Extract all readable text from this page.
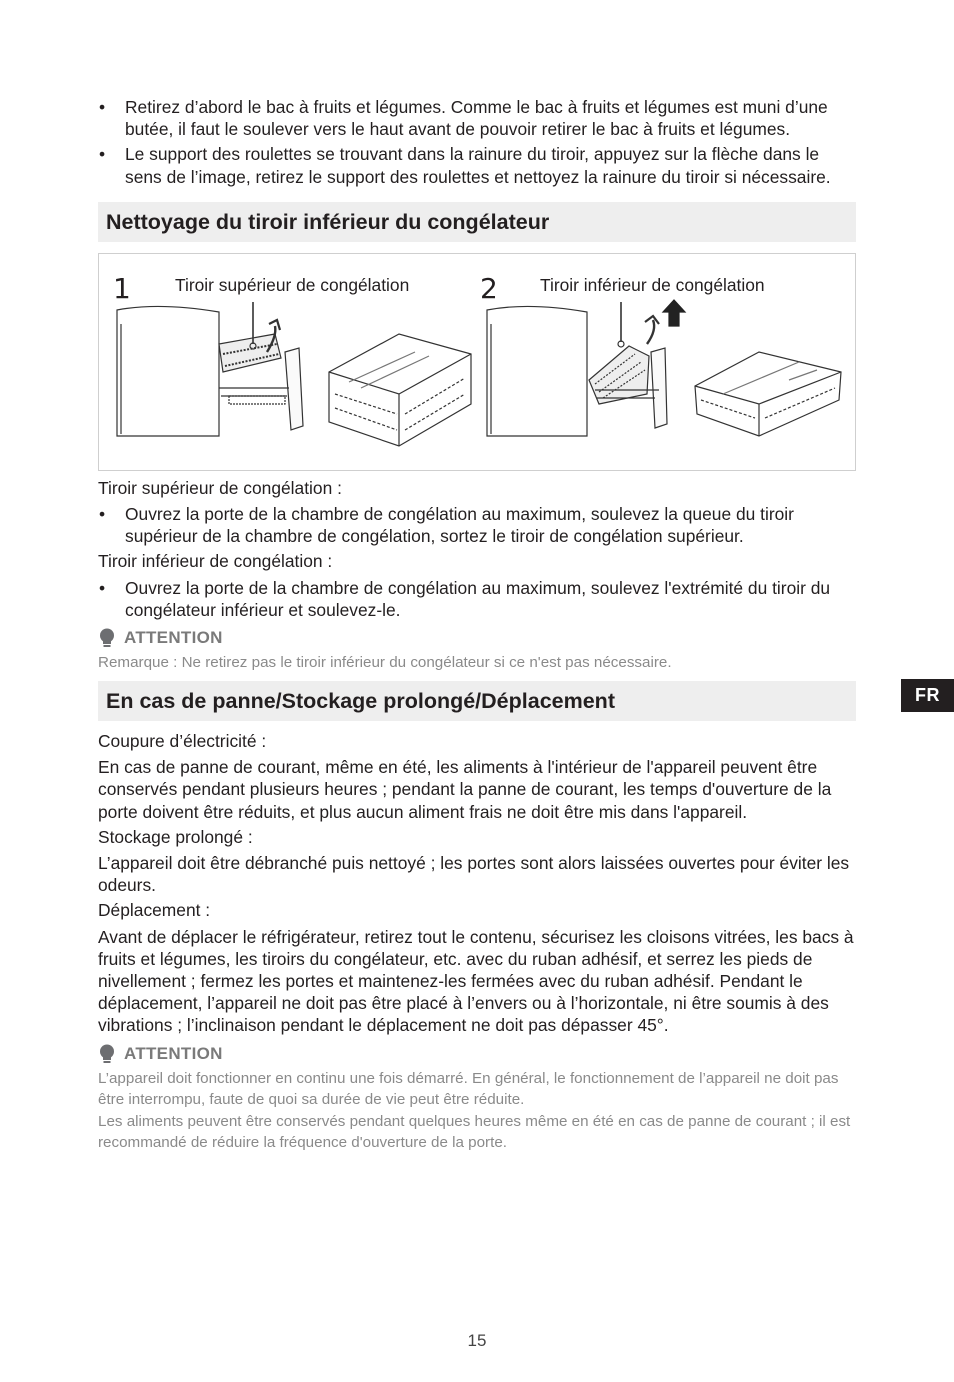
• Retirez d’abord le bac à fruits et légumes. Comme le bac à fruits et légumes est muni d’une butée, il faut le soulever vers le haut avant de pouvoir retirer le bac à fruits et légumes.
• Le support des roulettes se trouvant dans la rainure du tiroir, appuyez sur la flèche dans le sens de l’image, retirez le support des roulettes et nettoyez la rainure du tiroir si nécessaire.
Nettoyage du tiroir inférieur du congélateur
1	Tiroir supérieur de congélation	2 Tiroir inférieur de congélation

Tiroir supérieur de congélation :

• Ouvrez la porte de la chambre de congélation au maximum, soulevez la queue du tiroir supérieur de la chambre de congélation, sortez le tiroir de congélation supérieur.

Tiroir inférieur de congélation :

• Ouvrez la porte de la chambre de congélation au maximum, soulevez l'extrémité du tiroir du congélateur inférieur et soulevez-le.
ATTENTION

Remarque : Ne retirez pas le tiroir inférieur du congélateur si ce n'est pas nécessaire.

En cas de panne/Stockage prolongé/Déplacement

Coupure d’électricité :

En cas de panne de courant, même en été, les aliments à l'intérieur de l'appareil peuvent être conservés pendant plusieurs heures ; pendant la panne de courant, les temps d'ouverture de la porte doivent être réduits, et plus aucun aliment frais ne doit être mis dans l'appareil.

Stockage prolongé :

L’appareil doit être débranché puis nettoyé ; les portes sont alors laissées ouvertes pour éviter les odeurs.

Déplacement :

Avant de déplacer le réfrigérateur, retirez tout le contenu, sécurisez les cloisons vitrées, les bacs à fruits et légumes, les tiroirs du congélateur, etc. avec du ruban adhésif, et serrez les pieds de nivellement ; fermez les portes et maintenez-les fermées avec du ruban adhésif. Pendant le déplacement, l’appareil ne doit pas être placé à l’envers ou à l’horizontale, ni être soumis à des vibrations ; l’inclinaison pendant le déplacement ne doit pas dépasser 45°.

ATTENTION

L’appareil doit fonctionner en continu une fois démarré. En général, le fonctionnement de l’appareil ne doit pas être interrompu, faute de quoi sa durée de vie peut être réduite.

Les aliments peuvent être conservés pendant quelques heures même en été en cas de panne de courant ; il est recommandé de réduire la fréquence d'ouverture de la porte.

FR
15
